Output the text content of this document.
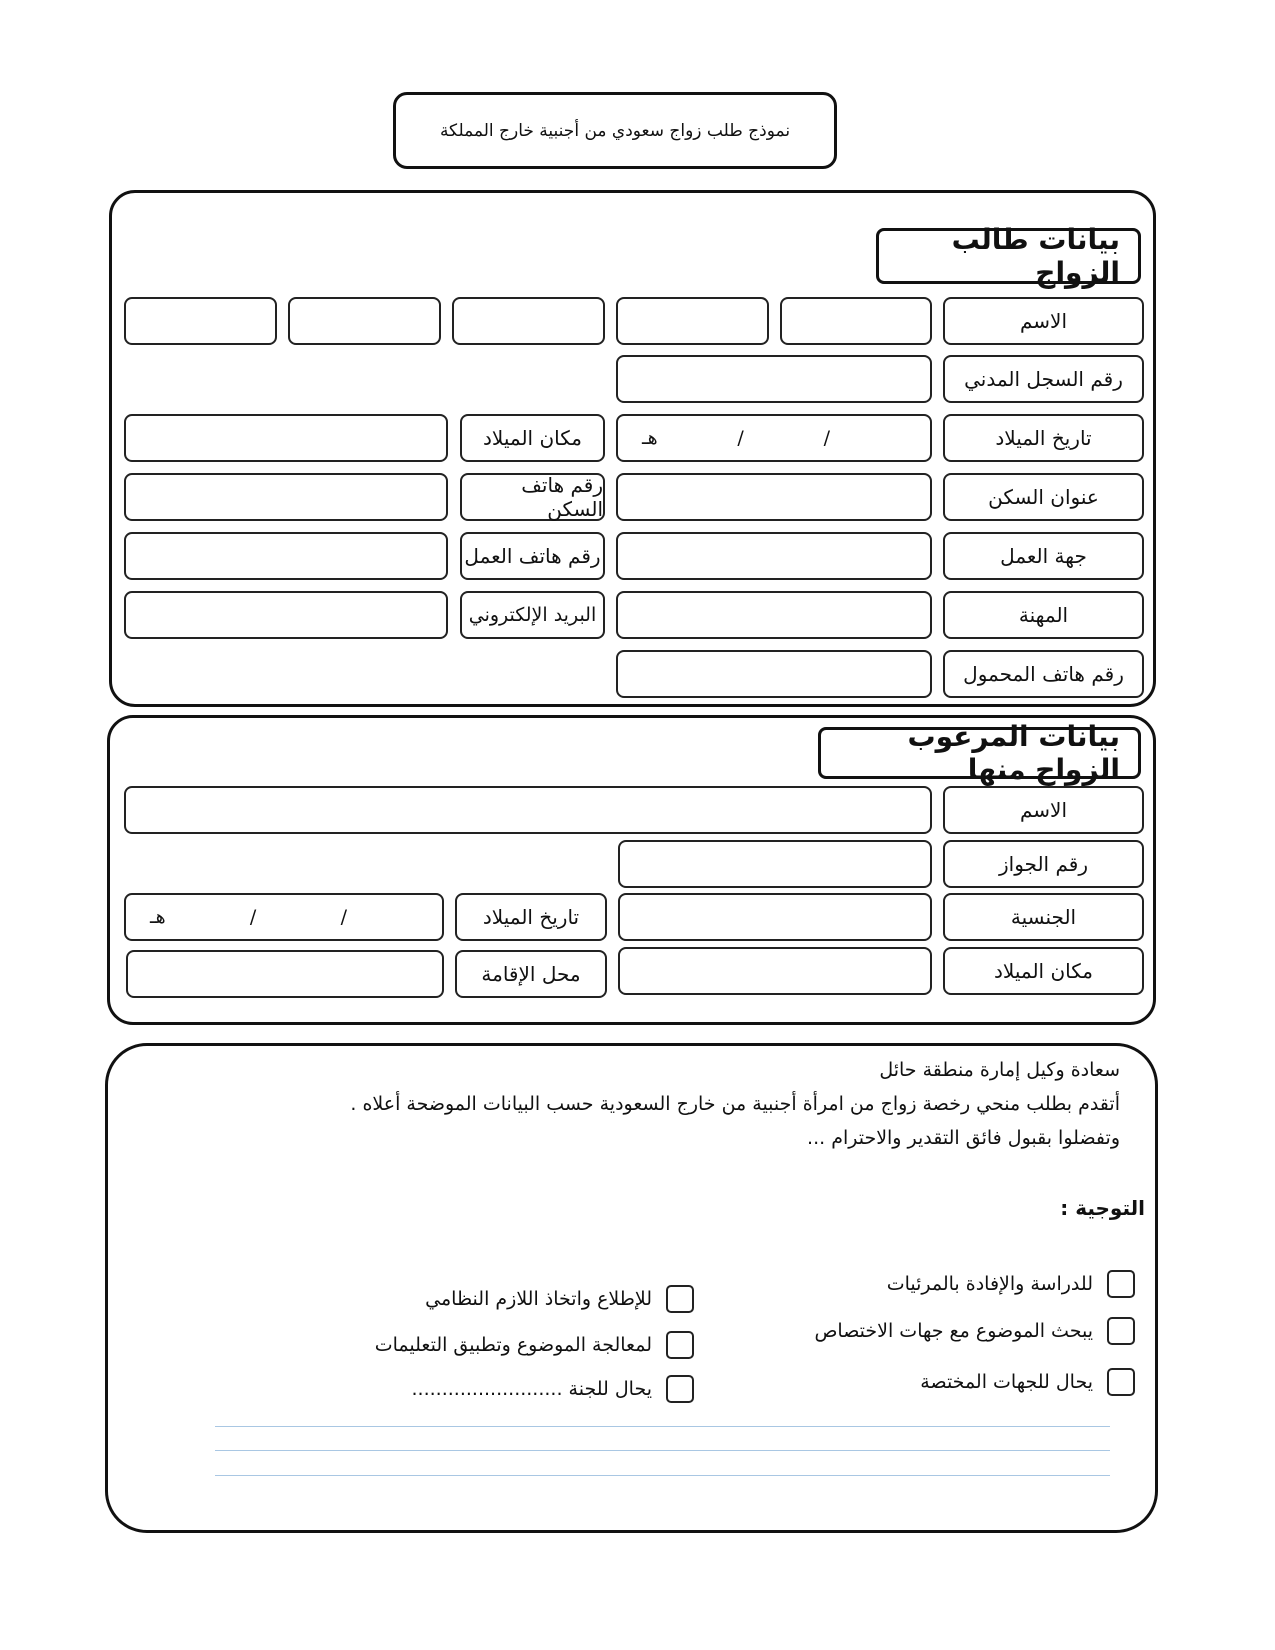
نموذج طلب زواج سعودي من أجنبية خارج المملكة
بيانات طالب الزواج
الاسم
رقم السجل المدني
تاريخ الميلاد
/
/
هـ
مكان الميلاد
عنوان السكن
رقم هاتف السكن
جهة العمل
رقم هاتف العمل
المهنة
البريد الإلكتروني
رقم هاتف المحمول
بيانات المرغوب الزواج منها
الاسم
رقم الجواز
الجنسية
تاريخ الميلاد
/
/
هـ
مكان الميلاد
محل الإقامة

سعادة وكيل إمارة منطقة حائل

أتقدم بطلب منحي رخصة زواج من امرأة أجنبية من خارج السعودية حسب البيانات الموضحة أعلاه .

وتفضلوا بقبول فائق التقدير والاحترام ...

التوجية :
للدراسة والإفادة بالمرئيات
يبحث الموضوع مع جهات الاختصاص
يحال للجهات المختصة
للإطلاع واتخاذ اللازم النظامي
لمعالجة الموضوع وتطبيق التعليمات
يحال للجنة .........................
